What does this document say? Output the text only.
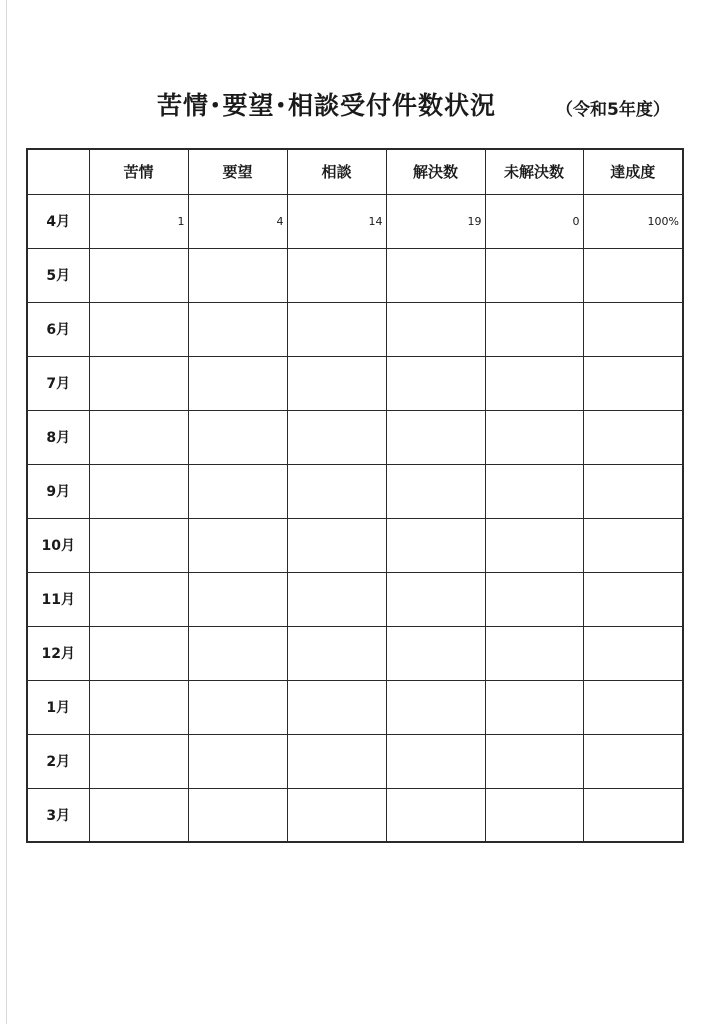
苦情･要望･相談受付件数状況	（令和5年度）
	苦情	要望	相談	解決数	未解決数	達成度
4月	1	4	14	19	0	100%
5月						
6月						
7月						
8月						
9月						
10月						
11月						
12月						
1月						
2月						
3月						
